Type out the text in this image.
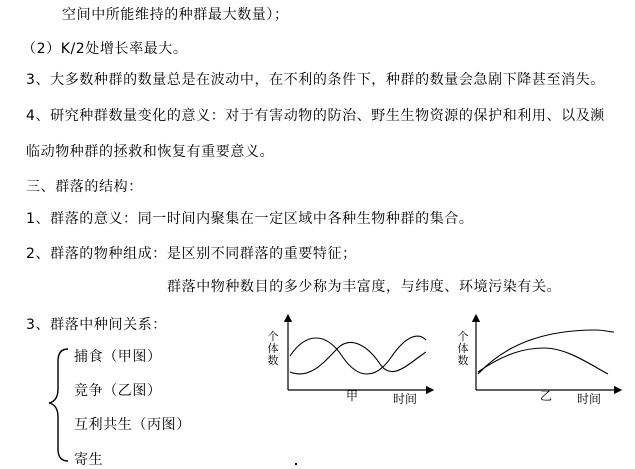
空间中所能维持的种群最大数量）；
（2）K/2处增长率最大。
3、大多数种群的数量总是在波动中，在不利的条件下，种群的数量会急剧下降甚至消失。
4、研究种群数量变化的意义：对于有害动物的防治、野生生物资源的保护和利用、以及濒
临动物种群的拯救和恢复有重要意义。
三、群落的结构：
1、群落的意义：同一时间内聚集在一定区域中各种生物种群的集合。
2、群落的物种组成：是区别不同群落的重要特征；
群落中物种数目的多少称为丰富度，与纬度、环境污染有关。
3、群落中种间关系：
捕食（甲图）
竞争（乙图）
互利共生（丙图）
寄生
个体数
甲	时间
个体数
乙 时间
